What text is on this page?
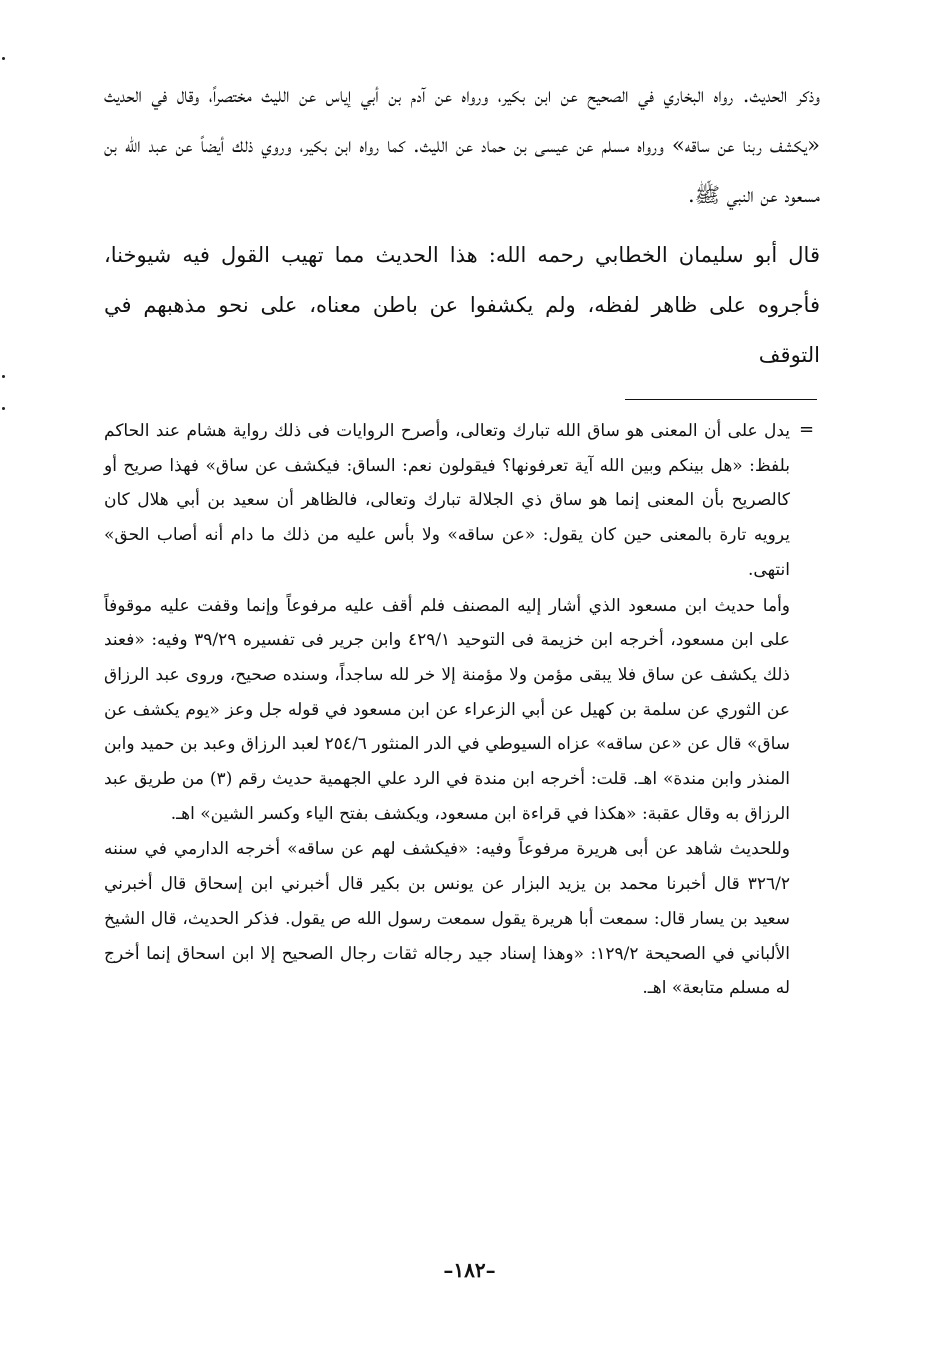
وذكر الحديث. رواه البخاري في الصحيح عن ابن بكير، ورواه عن آدم بن أبي إياس عن الليث مختصراً، وقال في الحديث «يكشف ربنا عن ساقه» ورواه مسلم عن عيسى بن حماد عن الليث. كما رواه ابن بكير، وروي ذلك أيضاً عن عبد الله بن مسعود عن النبي ﷺ.

قال أبو سليمان الخطابي رحمه الله: هذا الحديث مما تهيب القول فيه شيوخنا، فأجروه على ظاهر لفظه، ولم يكشفوا عن باطن معناه، على نحو مذهبهم في التوقف

=

يدل على أن المعنى هو ساق الله تبارك وتعالى، وأصرح الروايات فى ذلك رواية هشام عند الحاكم بلفظ: «هل بينكم وبين الله آية تعرفونها؟ فيقولون نعم: الساق: فيكشف عن ساق» فهذا صريح أو كالصريح بأن المعنى إنما هو ساق ذي الجلالة تبارك وتعالى، فالظاهر أن سعيد بن أبي هلال كان يرويه تارة بالمعنى حين كان يقول: «عن ساقه» ولا بأس عليه من ذلك ما دام أنه أصاب الحق» انتهى.

وأما حديث ابن مسعود الذي أشار إليه المصنف فلم أقف عليه مرفوعاً وإنما وقفت عليه موقوفاً على ابن مسعود، أخرجه ابن خزيمة فى التوحيد ٤٢٩/١ وابن جرير فى تفسيره ٣٩/٢٩ وفيه: «فعند ذلك يكشف عن ساق فلا يبقى مؤمن ولا مؤمنة إلا خر لله ساجداً، وسنده صحيح، وروى عبد الرزاق عن الثوري عن سلمة بن كهيل عن أبي الزعراء عن ابن مسعود في قوله جل وعز «يوم يكشف عن ساق» قال عن «عن ساقه» عزاه السيوطي في الدر المنثور ٢٥٤/٦ لعبد الرزاق وعبد بن حميد وابن المنذر وابن مندة» اهـ. قلت: أخرجه ابن مندة في الرد علي الجهمية حديث رقم (٣) من طريق عبد الرزاق به وقال عقبة: «هكذا في قراءة ابن مسعود، ويكشف بفتح الياء وكسر الشين» اهـ.

وللحديث شاهد عن أبى هريرة مرفوعاً وفيه: «فيكشف لهم عن ساقه» أخرجه الدارمي في سننه ٣٢٦/٢ قال أخبرنا محمد بن يزيد البزار عن يونس بن بكير قال أخبرني ابن إسحاق قال أخبرني سعيد بن يسار قال: سمعت أبا هريرة يقول سمعت رسول الله ص يقول. فذكر الحديث، قال الشيخ الألباني في الصحيحة ١٢٩/٢: «وهذا إسناد جيد رجاله ثقات رجال الصحيح إلا ابن اسحاق إنما أخرج له مسلم متابعة» اهـ.

–١٨٢–
